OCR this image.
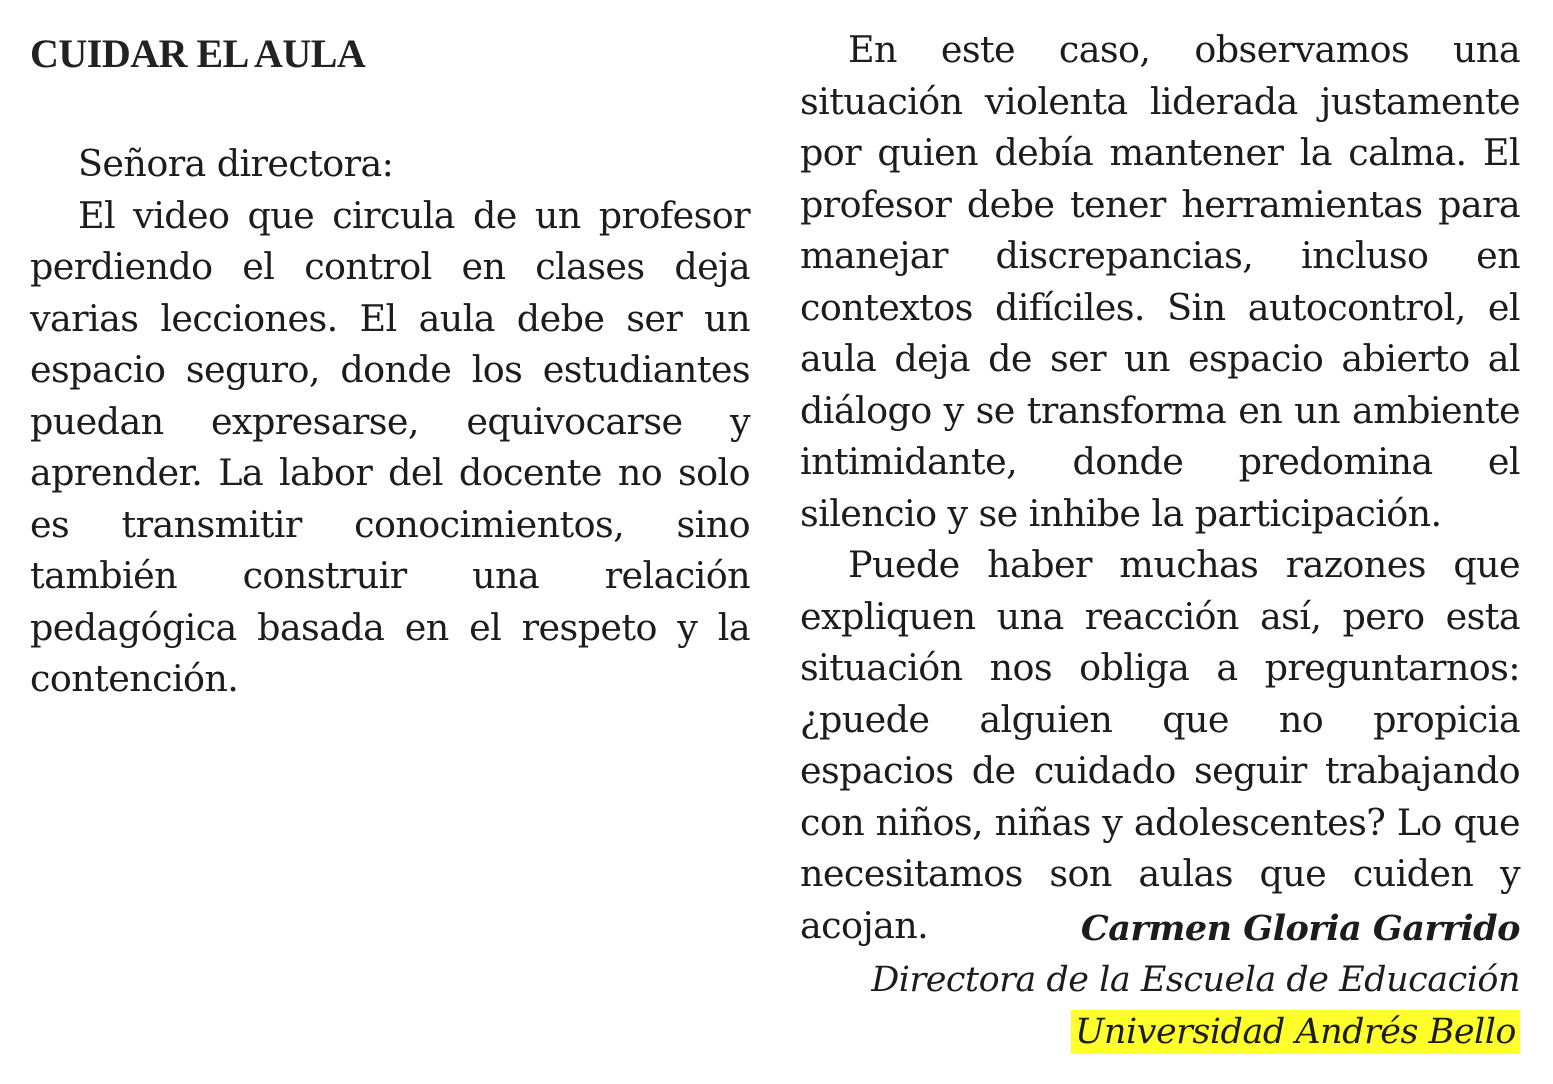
CUIDAR EL AULA

Señora directora:

El video que circula de un profesor perdiendo el control en clases deja varias lecciones. El aula debe ser un espacio seguro, donde los estudiantes puedan expresarse, equivocarse y aprender. La labor del docente no solo es transmitir conocimientos, sino también construir una relación pedagógica basada en el respeto y la contención.

En este caso, observamos una situación violenta liderada justamente por quien debía mantener la calma. El profesor debe tener herramientas para manejar discrepancias, incluso en contextos difíciles. Sin autocontrol, el aula deja de ser un espacio abierto al diálogo y se transforma en un ambiente intimidante, donde predomina el silencio y se inhibe la participación.

Puede haber muchas razones que expliquen una reacción así, pero esta situación nos obliga a preguntarnos: ¿puede alguien que no propicia espacios de cuidado seguir trabajando con niños, niñas y adolescentes? Lo que necesitamos son aulas que cuiden y acojan.	Carmen Gloria Garrido
Directora de la Escuela de Educación
Universidad Andrés Bello
